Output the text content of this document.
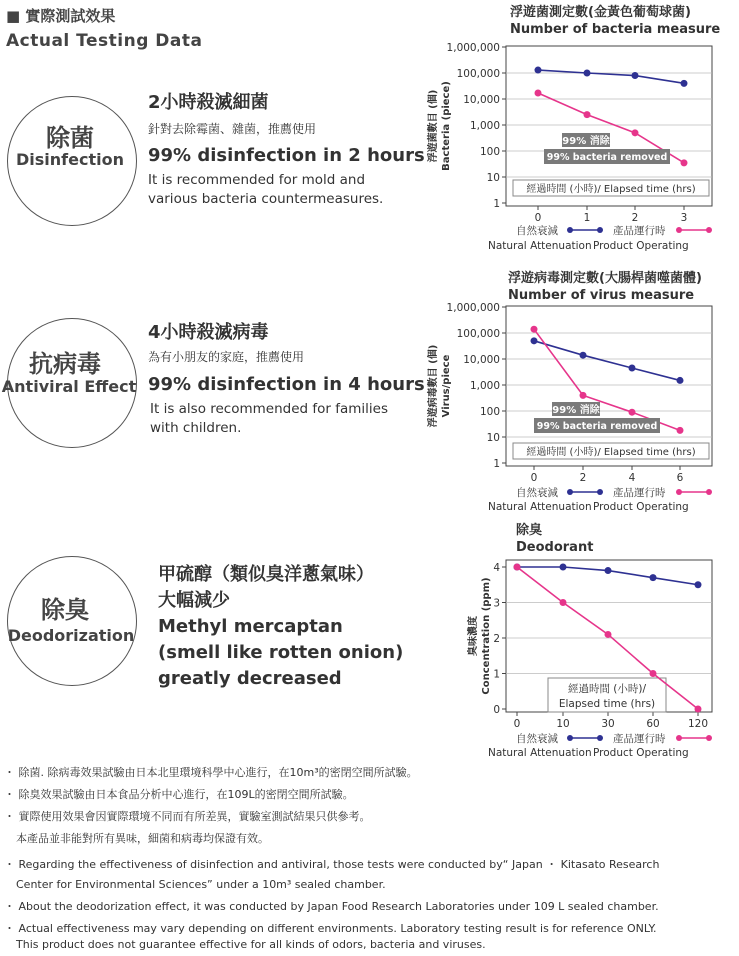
■ 實際測試效果
Actual Testing Data
除菌
Disinfection
2小時殺滅細菌
針對去除霉菌、雜菌，推薦使用
99% disinfection in 2 hours
It is recommended for mold and
various bacteria countermeasures.
抗病毒
Antiviral Effect
4小時殺滅病毒
為有小朋友的家庭，推薦使用
99% disinfection in 4 hours
It is also recommended for families
with children.
除臭
Deodorization
甲硫醇（類似臭洋蔥氣味）
大幅減少
Methyl mercaptan
(smell like rotten onion)
greatly decreased
浮遊菌測定數(金黃色葡萄球菌)
Number of bacteria measure
浮遊病毒測定數(大腸桿菌噬菌體)
Number of virus measure
除臭
Deodorant
1,000,000
100,000
10,000
1,000
100
10
1
0	1	2	3
浮遊菌數目 (個) Bacteria (piece)
經過時間 (小時)/ Elapsed time (hrs)
99% 消除
99% bacteria removed
自然衰減	產品運行時
Natural Attenuation Product Operating
1,000,000
100,000
10,000
1,000
100
10
1
0	2	4	6
浮遊病毒數目 (個) Virus/piece
經過時間 (小時)/ Elapsed time (hrs)
99% 消除
99% bacteria removed
自然衰減	產品運行時
Natural Attenuation Product Operating
4
3
2
1
0
0	10	30	60	120
臭味濃度 Concentration (ppm)	經過時間 (小時)/
Elapsed time (hrs)
自然衰減	產品運行時
Natural Attenuation Product Operating
・ 除菌. 除病毒效果試驗由日本北里環境科學中心進行，在10m³的密閉空間所試驗。
・ 除臭效果試驗由日本食品分析中心進行，在109L的密閉空間所試驗。
・ 實際使用效果會因實際環境不同而有所差異，實驗室測試結果只供參考。
本產品並非能對所有異味，細菌和病毒均保證有效。
・ Regarding the effectiveness of disinfection and antiviral, those tests were conducted by“ Japan ・ Kitasato Research
Center for Environmental Sciences” under a 10m³ sealed chamber.
・ About the deodorization effect, it was conducted by Japan Food Research Laboratories under 109 L sealed chamber.
・ Actual effectiveness may vary depending on different environments. Laboratory testing result is for reference ONLY.
This product does not guarantee effective for all kinds of odors, bacteria and viruses.
